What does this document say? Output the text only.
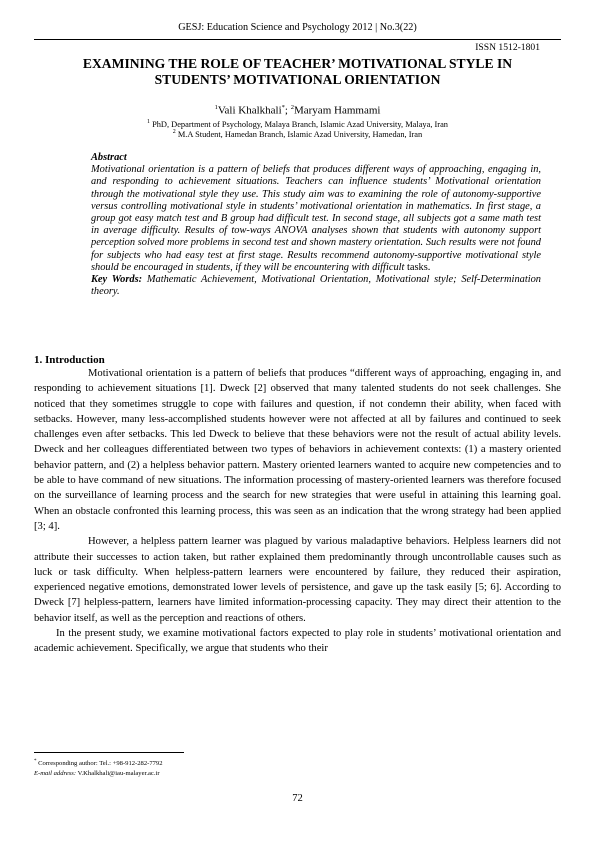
GESJ: Education Science and Psychology 2012 | No.3(22)
ISSN 1512-1801
EXAMINING THE ROLE OF TEACHER’ MOTIVATIONAL STYLE IN
STUDENTS’ MOTIVATIONAL ORIENTATION
$^1$Vali Khalkhali*; $^2$Maryam Hammami
$^1$ PhD, Department of Psychology, Malaya Branch, Islamic Azad University, Malaya, Iran
$^2$ M.A Student, Hamedan Branch, Islamic Azad University, Hamedan, Iran
Abstract
Motivational orientation is a pattern of beliefs that produces different ways of approaching, engaging in, and responding to achievement situations. Teachers can influence students’ Motivational orientation through the motivational style they use. This study aim was to examining the role of autonomy-supportive versus controlling motivational style in students’ motivational orientation in mathematics. In first stage, a group got easy match test and B group had difficult test. In second stage, all subjects got a same math test in average difficulty. Results of tow-ways ANOVA analyses shown that students with autonomy support perception solved more problems in second test and shown mastery orientation. Such results were not found for subjects who had easy test at first stage. Results recommend autonomy-supportive motivational style should be encouraged in students, if they will be encountering with difficult tasks.
Key Words: Mathematic Achievement, Motivational Orientation, Motivational style; Self-Determination theory.
1. Introduction

Motivational orientation is a pattern of beliefs that produces “different ways of approaching, engaging in, and responding to achievement situations [1]. Dweck [2] observed that many talented students do not seek challenges. She noticed that they sometimes struggle to cope with failures and question, if not condemn their ability, when faced with setbacks. However, many less-accomplished students however were not affected at all by failures and continued to seek challenges even after setbacks. This led Dweck to believe that these behaviors were not the result of actual ability levels. Dweck and her colleagues differentiated between two types of behaviors in achievement contexts: (1) a mastery oriented behavior pattern, and (2) a helpless behavior pattern. Mastery oriented learners wanted to acquire new competencies and to be able to have command of new situations. The information processing of mastery-oriented learners was therefore focused on the surveillance of learning process and the search for new strategies that were useful in attaining this learning goal. When an obstacle confronted this learning process, this was seen as an indication that the wrong strategy had been applied [3; 4].

However, a helpless pattern learner was plagued by various maladaptive behaviors. Helpless learners did not attribute their successes to action taken, but rather explained them predominantly through uncontrollable causes such as luck or task difficulty. When helpless-pattern learners were encountered by failure, they reduced their aspiration, experienced negative emotions, demonstrated lower levels of persistence, and gave up the task easily [5; 6]. According to Dweck [7] helpless-pattern, learners have limited information-processing capacity. They may direct their attention to the behavior itself, as well as the perception and reactions of others.

In the present study, we examine motivational factors expected to play role in students’ motivational orientation and academic achievement. Specifically, we argue that students who their

* Corresponding author: Tel.: +98-912-282-7792
E-mail address: V.Khalkhali@iau-malayer.ac.ir
72
